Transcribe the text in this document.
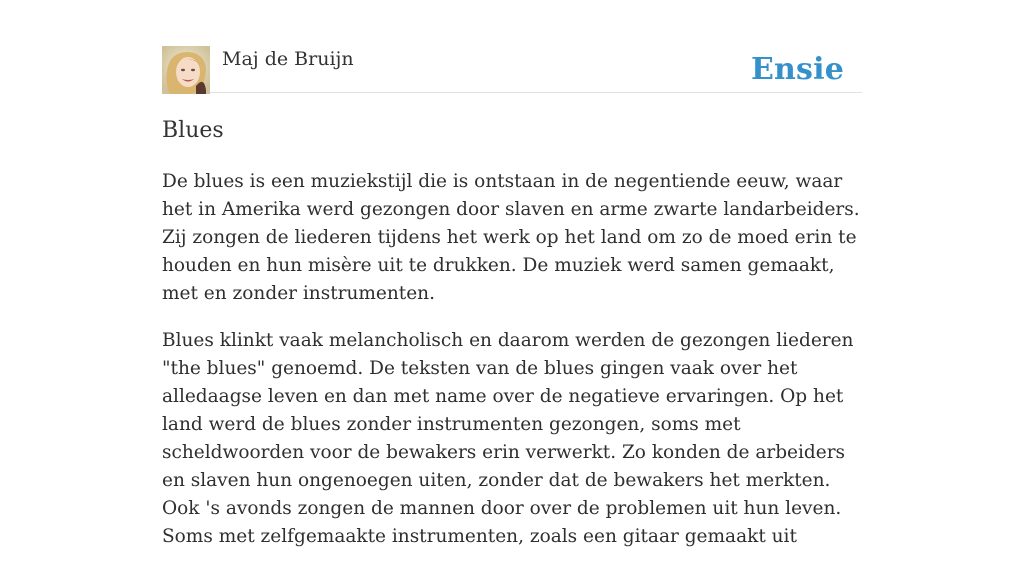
Maj de Bruijn	Ensie
Blues

De blues is een muziekstijl die is ontstaan in de negentiende eeuw, waar het in Amerika werd gezongen door slaven en arme zwarte landarbeiders. Zij zongen de liederen tijdens het werk op het land om zo de moed erin te houden en hun misère uit te drukken. De muziek werd samen gemaakt, met en zonder instrumenten.

Blues klinkt vaak melancholisch en daarom werden de gezongen liederen "the blues" genoemd. De teksten van de blues gingen vaak over het alledaagse leven en dan met name over de negatieve ervaringen. Op het land werd de blues zonder instrumenten gezongen, soms met scheldwoorden voor de bewakers erin verwerkt. Zo konden de arbeiders en slaven hun ongenoegen uiten, zonder dat de bewakers het merkten. Ook 's avonds zongen de mannen door over de problemen uit hun leven. Soms met zelfgemaakte instrumenten, zoals een gitaar gemaakt uit
